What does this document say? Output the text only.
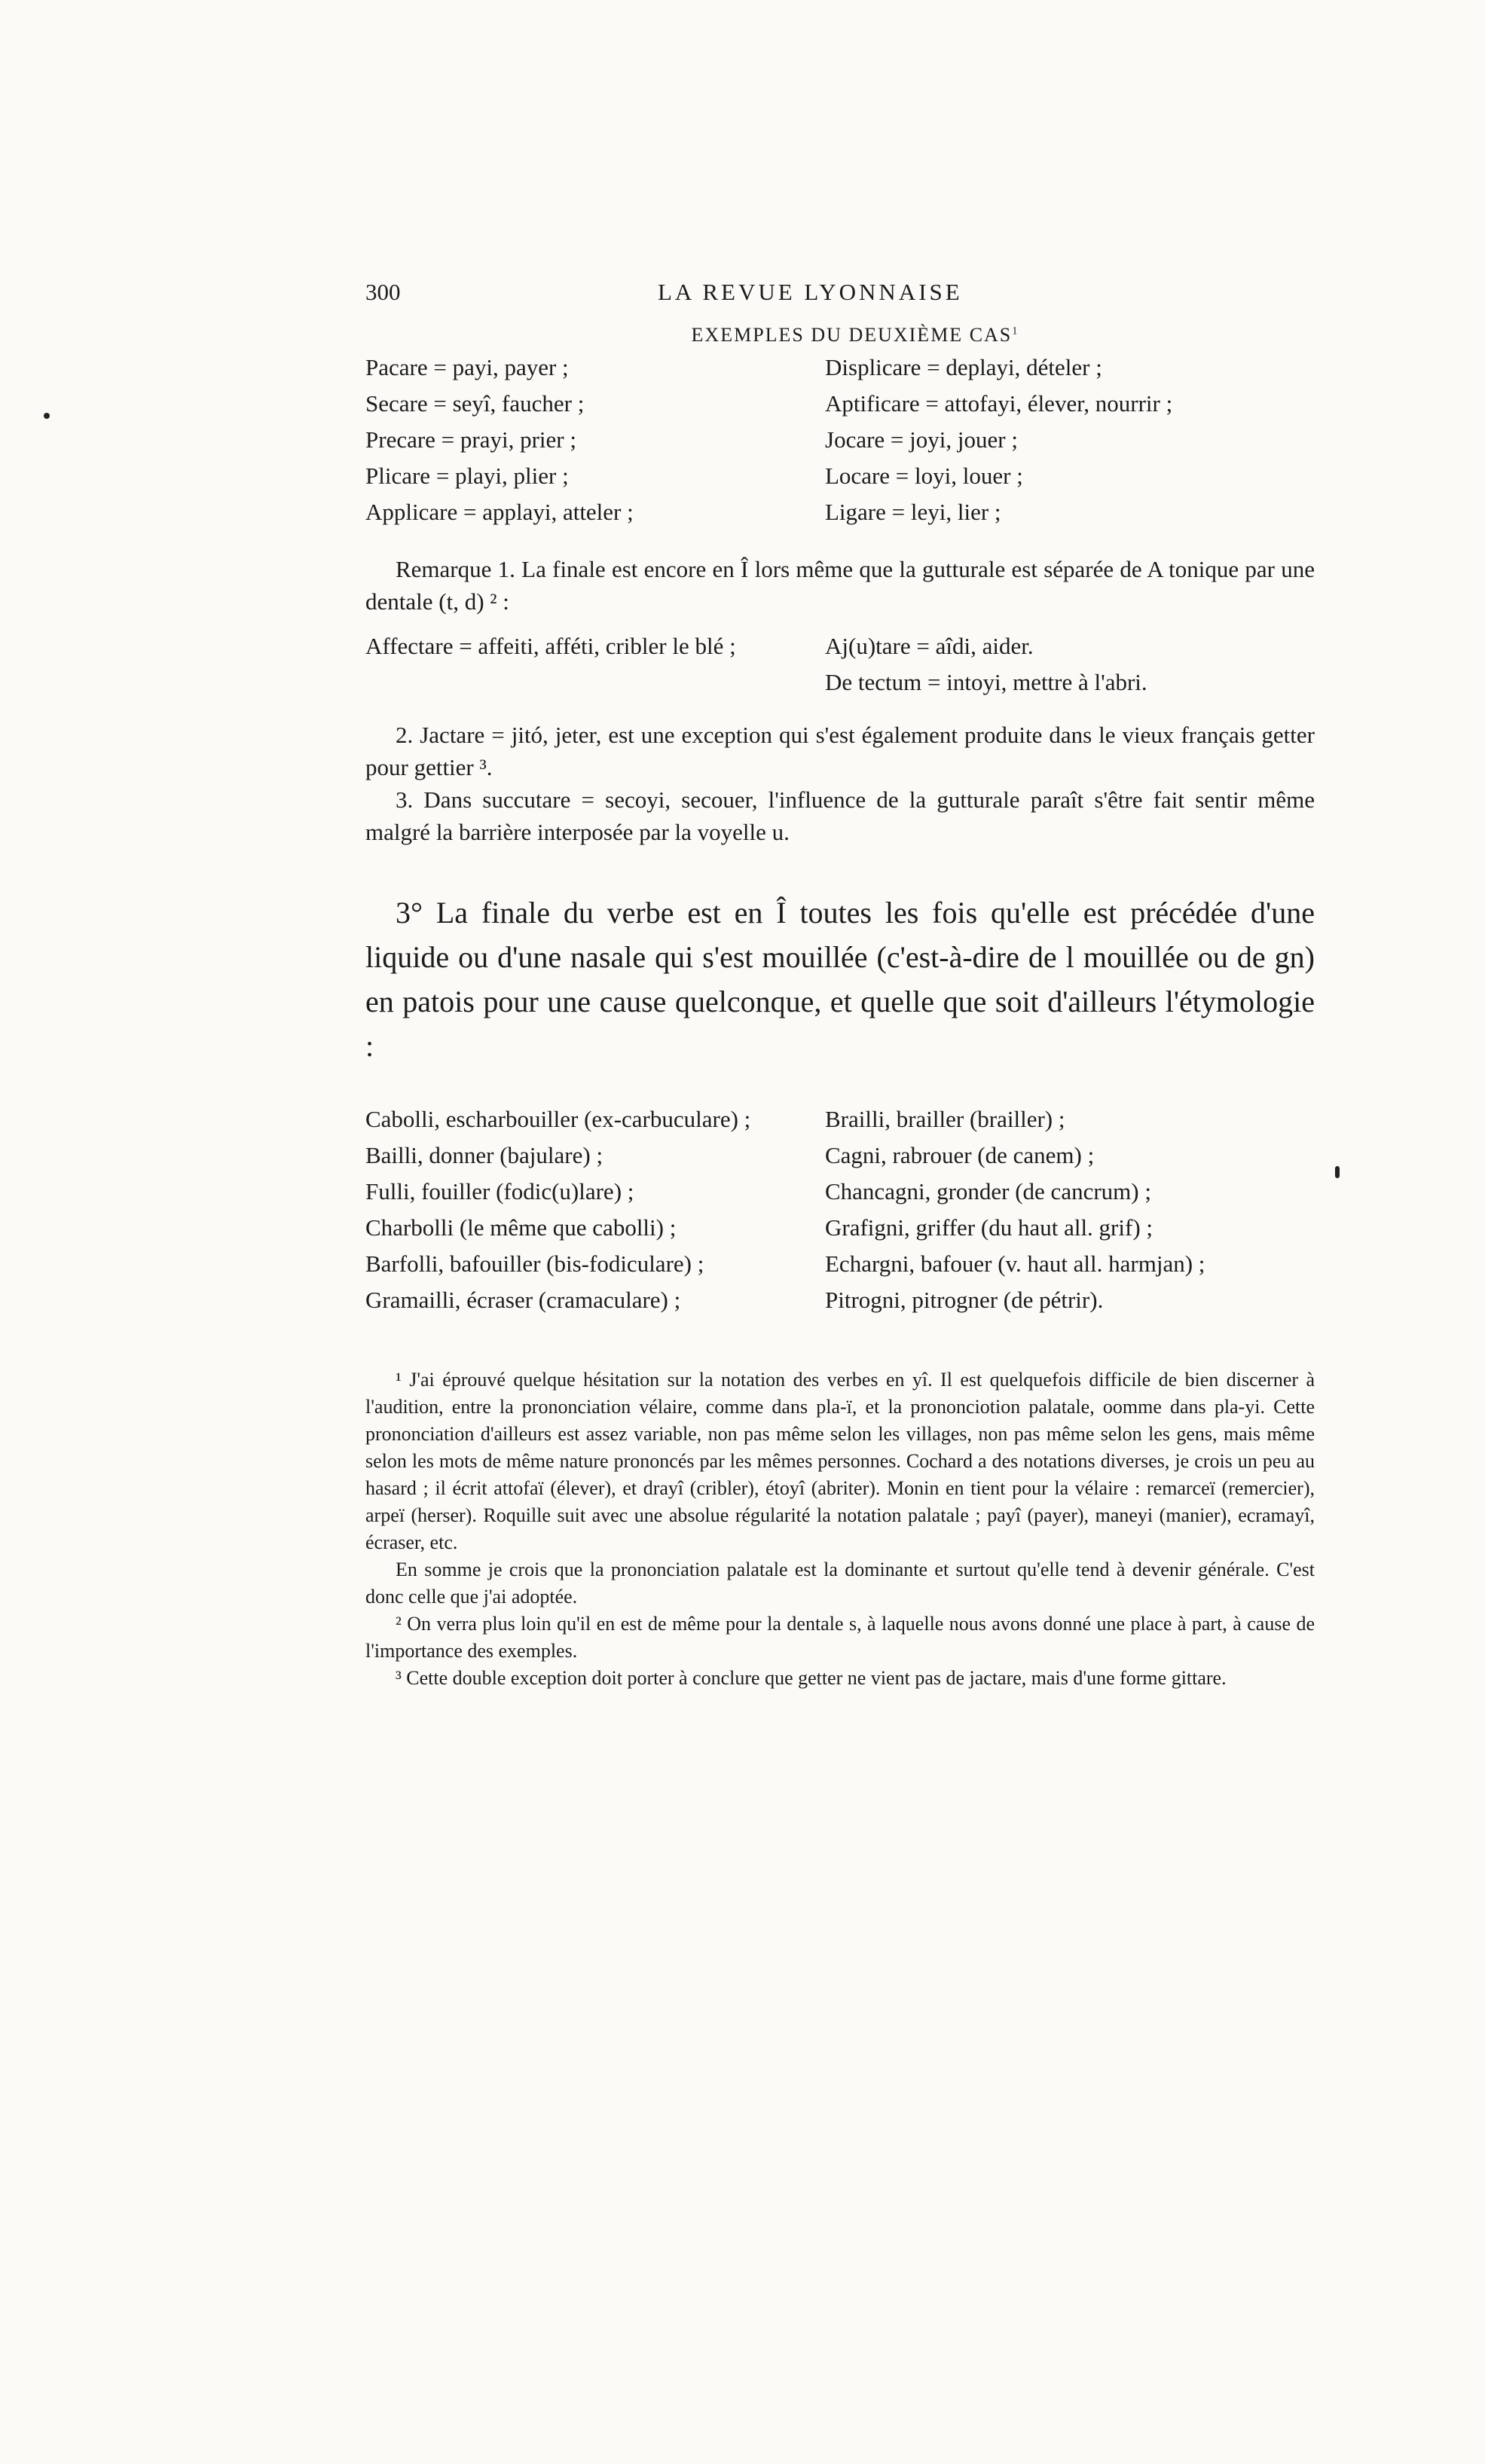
300	LA REVUE LYONNAISE
EXEMPLES DU DEUXIÈME CAS$^1$

Pacare = payi, payer ;

Secare = seyî, faucher ;

Precare = prayi, prier ;

Plicare = playi, plier ;

Applicare = applayi, atteler ;

Displicare = deplayi, dételer ;

Aptificare = attofayi, élever, nourrir ;

Jocare = joyi, jouer ;

Locare = loyi, louer ;

Ligare = leyi, lier ;

Remarque 1. La finale est encore en Î lors même que la gutturale est séparée de A tonique par une dentale (t, d) ² :

Affectare = affeiti, afféti, cribler le blé ;	Aj(u)tare = aîdi, aider.

De tectum = intoyi, mettre à l'abri.

2. Jactare = jitó, jeter, est une exception qui s'est également produite dans le vieux français getter pour gettier ³.

3. Dans succutare = secoyi, secouer, l'influence de la gutturale paraît s'être fait sentir même malgré la barrière interposée par la voyelle u.

3° La finale du verbe est en Î toutes les fois qu'elle est précédée d'une liquide ou d'une nasale qui s'est mouillée (c'est-à-dire de l mouillée ou de gn) en patois pour une cause quelconque, et quelle que soit d'ailleurs l'étymologie :

Cabolli, escharbouiller (ex-carbuculare) ;

Bailli, donner (bajulare) ;

Fulli, fouiller (fodic(u)lare) ;

Charbolli (le même que cabolli) ;

Barfolli, bafouiller (bis-fodiculare) ;

Gramailli, écraser (cramaculare) ;

Brailli, brailler (brailler) ;

Cagni, rabrouer (de canem) ;

Chancagni, gronder (de cancrum) ;

Grafigni, griffer (du haut all. grif) ;

Echargni, bafouer (v. haut all. harmjan) ;

Pitrogni, pitrogner (de pétrir).

¹ J'ai éprouvé quelque hésitation sur la notation des verbes en yî. Il est quelquefois difficile de bien discerner à l'audition, entre la prononciation vélaire, comme dans pla-ï, et la prononciotion palatale, oomme dans pla-yi. Cette prononciation d'ailleurs est assez variable, non pas même selon les villages, non pas même selon les gens, mais même selon les mots de même nature prononcés par les mêmes personnes. Cochard a des notations diverses, je crois un peu au hasard ; il écrit attofaï (élever), et drayî (cribler), étoyî (abriter). Monin en tient pour la vélaire : remarceï (remercier), arpeï (herser). Roquille suit avec une absolue régularité la notation palatale ; payî (payer), maneyi (manier), ecramayî, écraser, etc.

En somme je crois que la prononciation palatale est la dominante et surtout qu'elle tend à devenir générale. C'est donc celle que j'ai adoptée.

² On verra plus loin qu'il en est de même pour la dentale s, à laquelle nous avons donné une place à part, à cause de l'importance des exemples.

³ Cette double exception doit porter à conclure que getter ne vient pas de jactare, mais d'une forme gittare.
